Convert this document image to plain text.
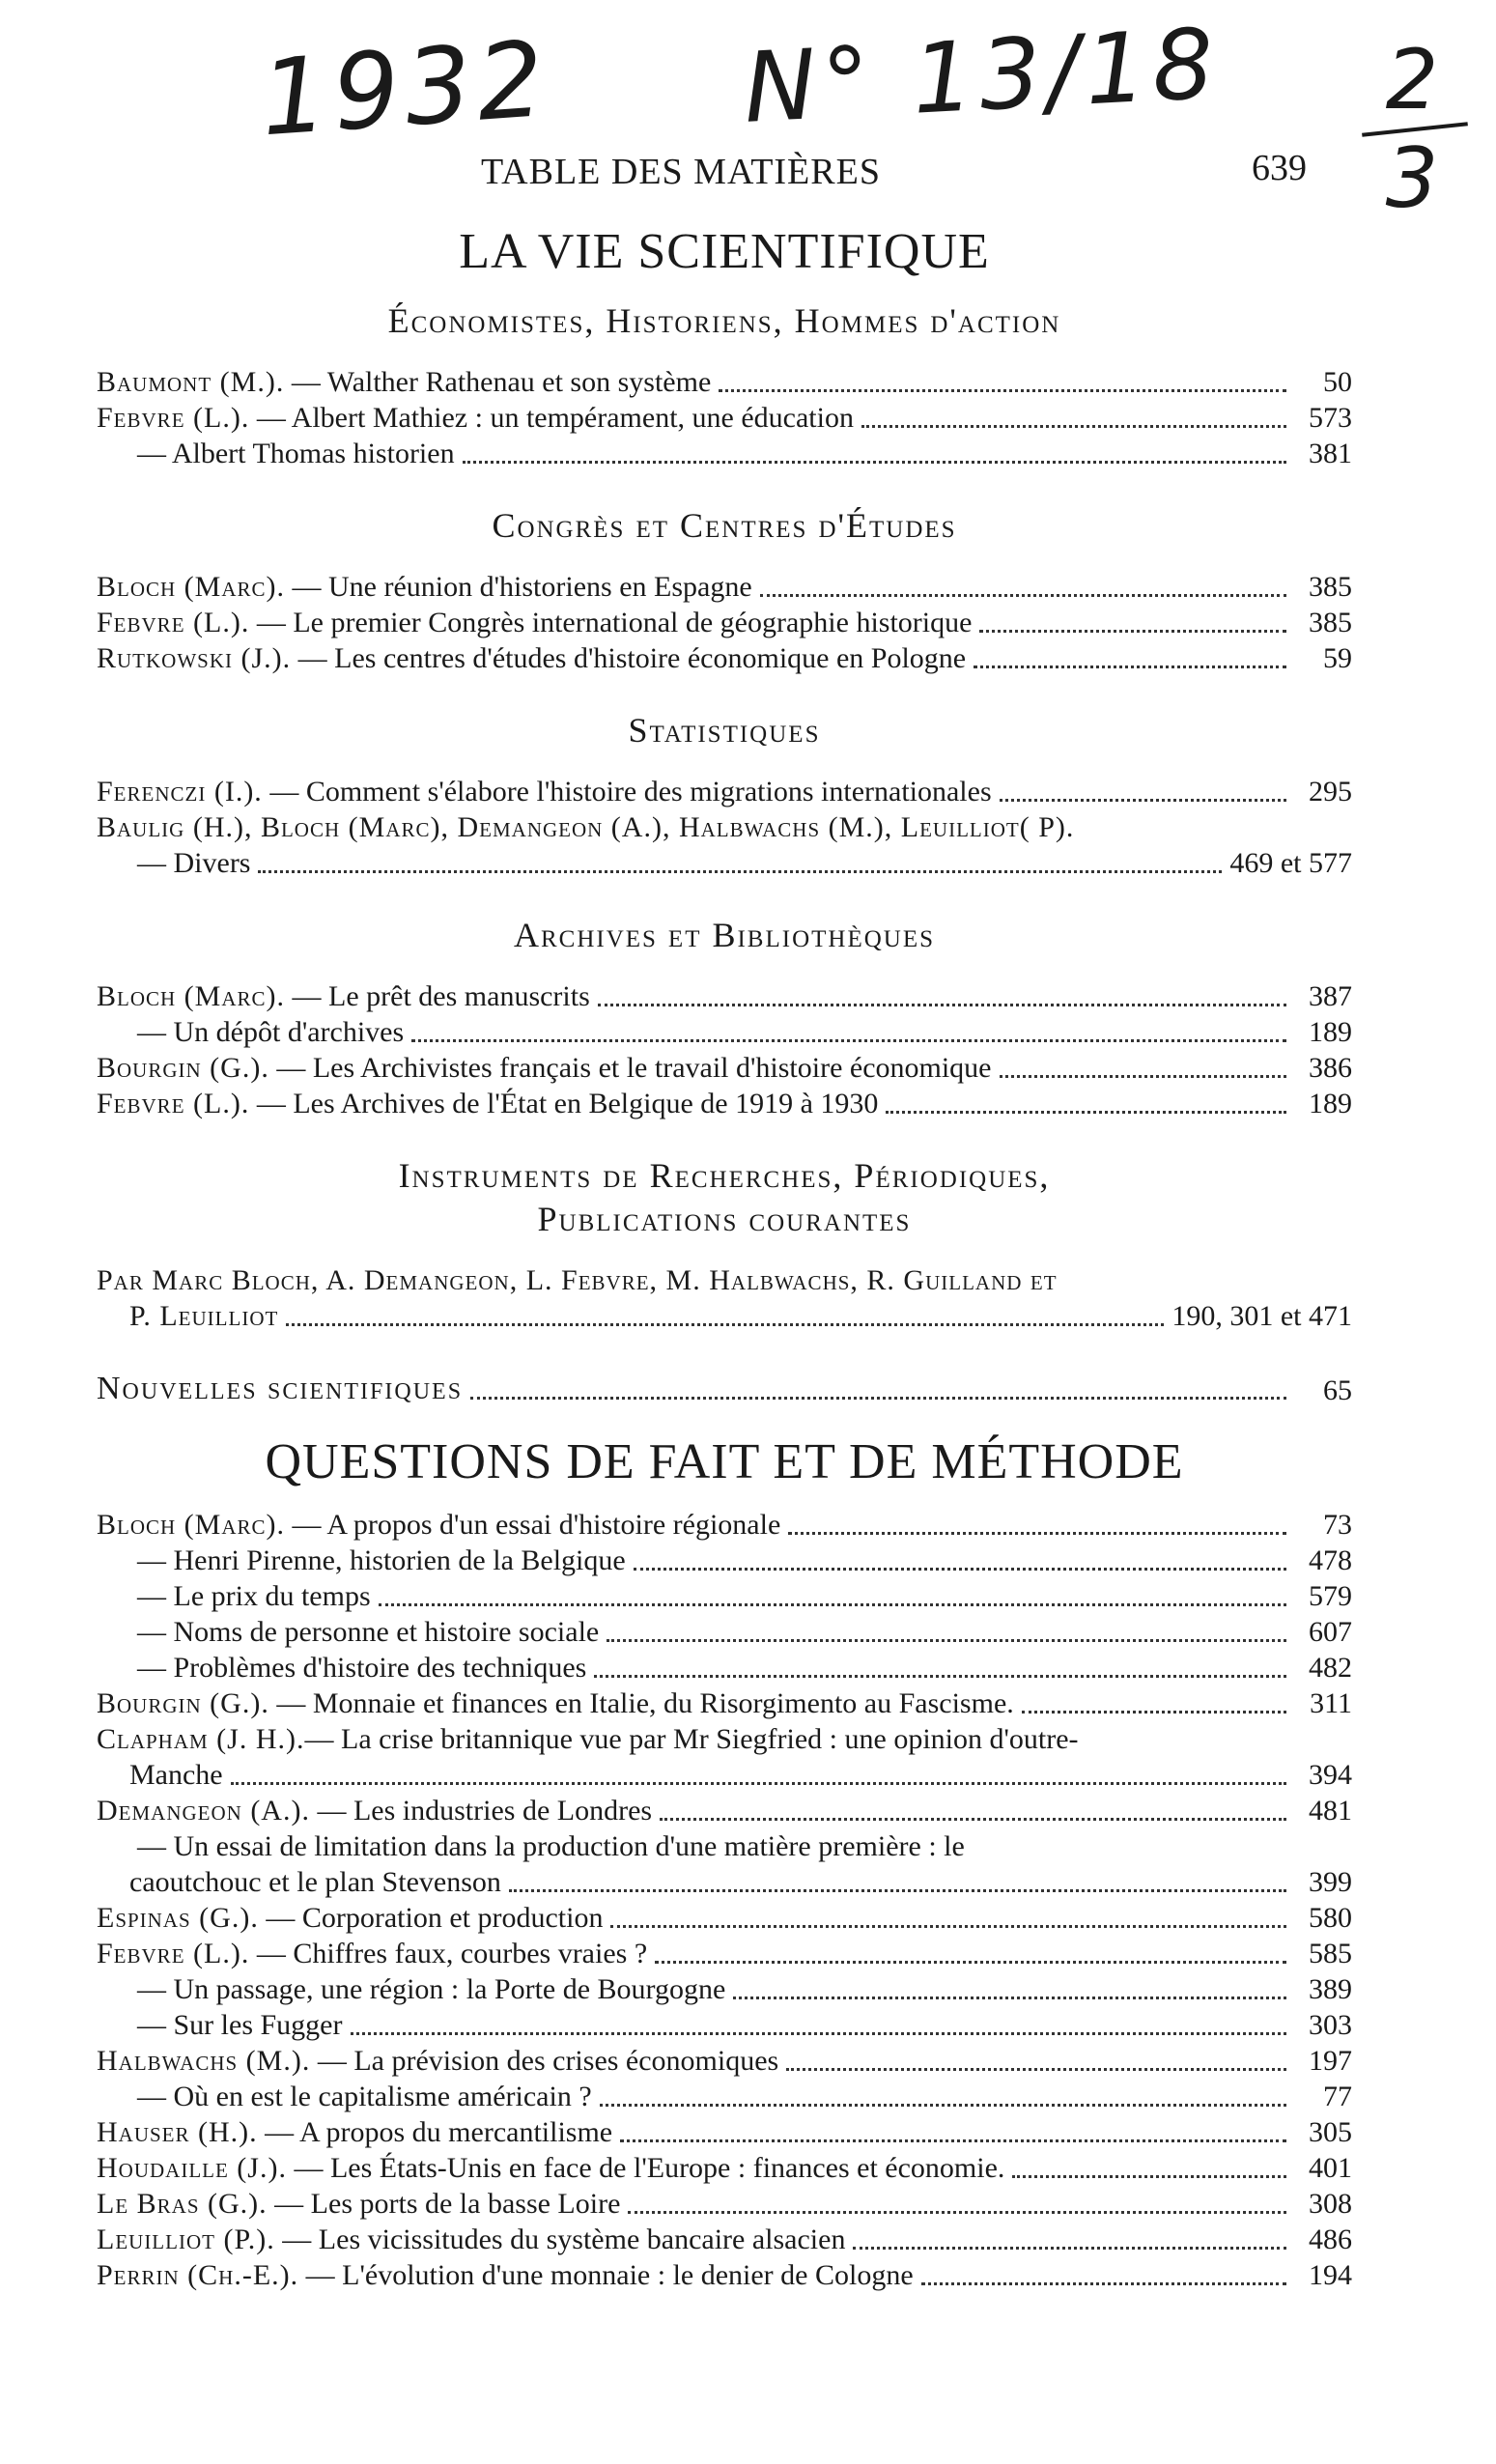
1932 N° 13/18	2
3
TABLE DES MATIÈRES	639
LA VIE SCIENTIFIQUE
Économistes, Historiens, Hommes d'action
Baumont (M.). — Walther Rathenau et son système	50
Febvre (L.). — Albert Mathiez : un tempérament, une éducation	573
— Albert Thomas historien	381
Congrès et Centres d'Études
Bloch (Marc). — Une réunion d'historiens en Espagne	385
Febvre (L.). — Le premier Congrès international de géographie historique	385
Rutkowski (J.). — Les centres d'études d'histoire économique en Pologne	59
Statistiques
Ferenczi (I.). — Comment s'élabore l'histoire des migrations internationales	295
Baulig (H.), Bloch (Marc), Demangeon (A.), Halbwachs (M.), Leuilliot( P).
— Divers	469 et 577
Archives et Bibliothèques
Bloch (Marc). — Le prêt des manuscrits	387
— Un dépôt d'archives	189
Bourgin (G.). — Les Archivistes français et le travail d'histoire économique	386
Febvre (L.). — Les Archives de l'État en Belgique de 1919 à 1930	189
Instruments de Recherches, Périodiques,
Publications courantes
Par Marc Bloch, A. Demangeon, L. Febvre, M. Halbwachs, R. Guilland et
P. Leuilliot	190, 301 et 471
Nouvelles scientifiques	65
QUESTIONS DE FAIT ET DE MÉTHODE
Bloch (Marc). — A propos d'un essai d'histoire régionale	73
— Henri Pirenne, historien de la Belgique	478
— Le prix du temps	579
— Noms de personne et histoire sociale	607
— Problèmes d'histoire des techniques	482
Bourgin (G.). — Monnaie et finances en Italie, du Risorgimento au Fascisme.	311
Clapham (J. H.).— La crise britannique vue par Mr Siegfried : une opinion d'outre-
Manche	394
Demangeon (A.). — Les industries de Londres	481
— Un essai de limitation dans la production d'une matière première : le
caoutchouc et le plan Stevenson	399
Espinas (G.). — Corporation et production	580
Febvre (L.). — Chiffres faux, courbes vraies ?	585
— Un passage, une région : la Porte de Bourgogne	389
— Sur les Fugger	303
Halbwachs (M.). — La prévision des crises économiques	197
— Où en est le capitalisme américain ?	77
Hauser (H.). — A propos du mercantilisme	305
Houdaille (J.). — Les États-Unis en face de l'Europe : finances et économie.	401
Le Bras (G.). — Les ports de la basse Loire	308
Leuilliot (P.). — Les vicissitudes du système bancaire alsacien	486
Perrin (Ch.-E.). — L'évolution d'une monnaie : le denier de Cologne	194
